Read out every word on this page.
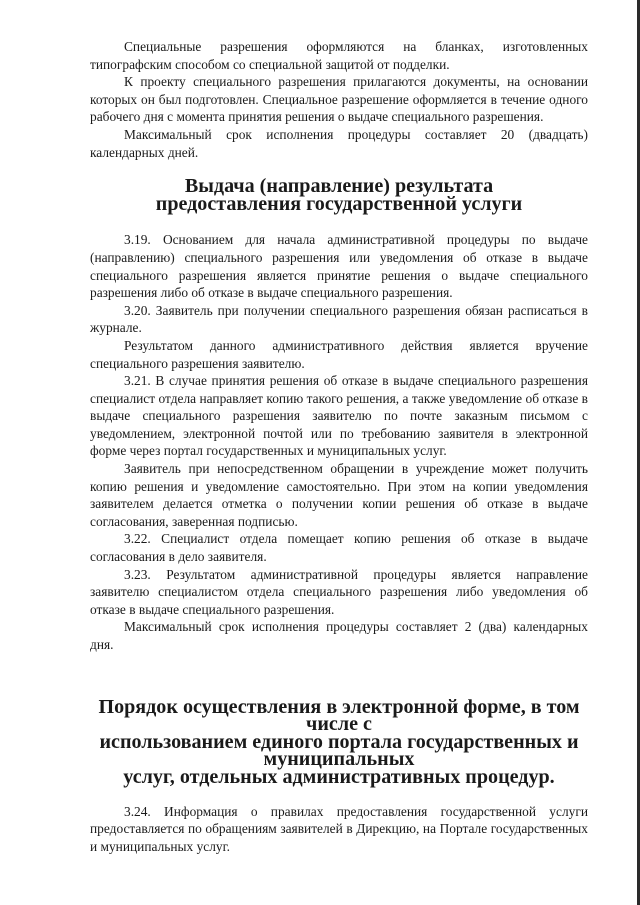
Специальные разрешения оформляются на бланках, изготовленных типографским способом со специальной защитой от подделки.

К проекту специального разрешения прилагаются документы, на основании которых он был подготовлен. Специальное разрешение оформляется в течение одного рабочего дня с момента принятия решения о выдаче специального разрешения.

Максимальный срок исполнения процедуры составляет 20 (двадцать) календарных дней.

Выдача (направление) результата
предоставления государственной услуги

3.19. Основанием для начала административной процедуры по выдаче (направлению) специального разрешения или уведомления об отказе в выдаче специального разрешения является принятие решения о выдаче специального разрешения либо об отказе в выдаче специального разрешения.

3.20. Заявитель при получении специального разрешения обязан расписаться в журнале.

Результатом данного административного действия является вручение специального разрешения заявителю.

3.21. В случае принятия решения об отказе в выдаче специального разрешения специалист отдела направляет копию такого решения, а также уведомление об отказе в выдаче специального разрешения заявителю по почте заказным письмом с уведомлением, электронной почтой или по требованию заявителя в электронной форме через портал государственных и муниципальных услуг.

Заявитель при непосредственном обращении в учреждение может получить копию решения и уведомление самостоятельно. При этом на копии уведомления заявителем делается отметка о получении копии решения об отказе в выдаче согласования, заверенная подписью.

3.22. Специалист отдела помещает копию решения об отказе в выдаче согласования в дело заявителя.

3.23. Результатом административной процедуры является направление заявителю специалистом отдела специального разрешения либо уведомления об отказе в выдаче специального разрешения.

Максимальный срок исполнения процедуры составляет 2 (два) календарных дня.

Порядок осуществления в электронной форме, в том числе с
использованием единого портала государственных и муниципальных
услуг, отдельных административных процедур.

3.24. Информация о правилах предоставления государственной услуги предоставляется по обращениям заявителей в Дирекцию, на Портале государственных и муниципальных услуг.
